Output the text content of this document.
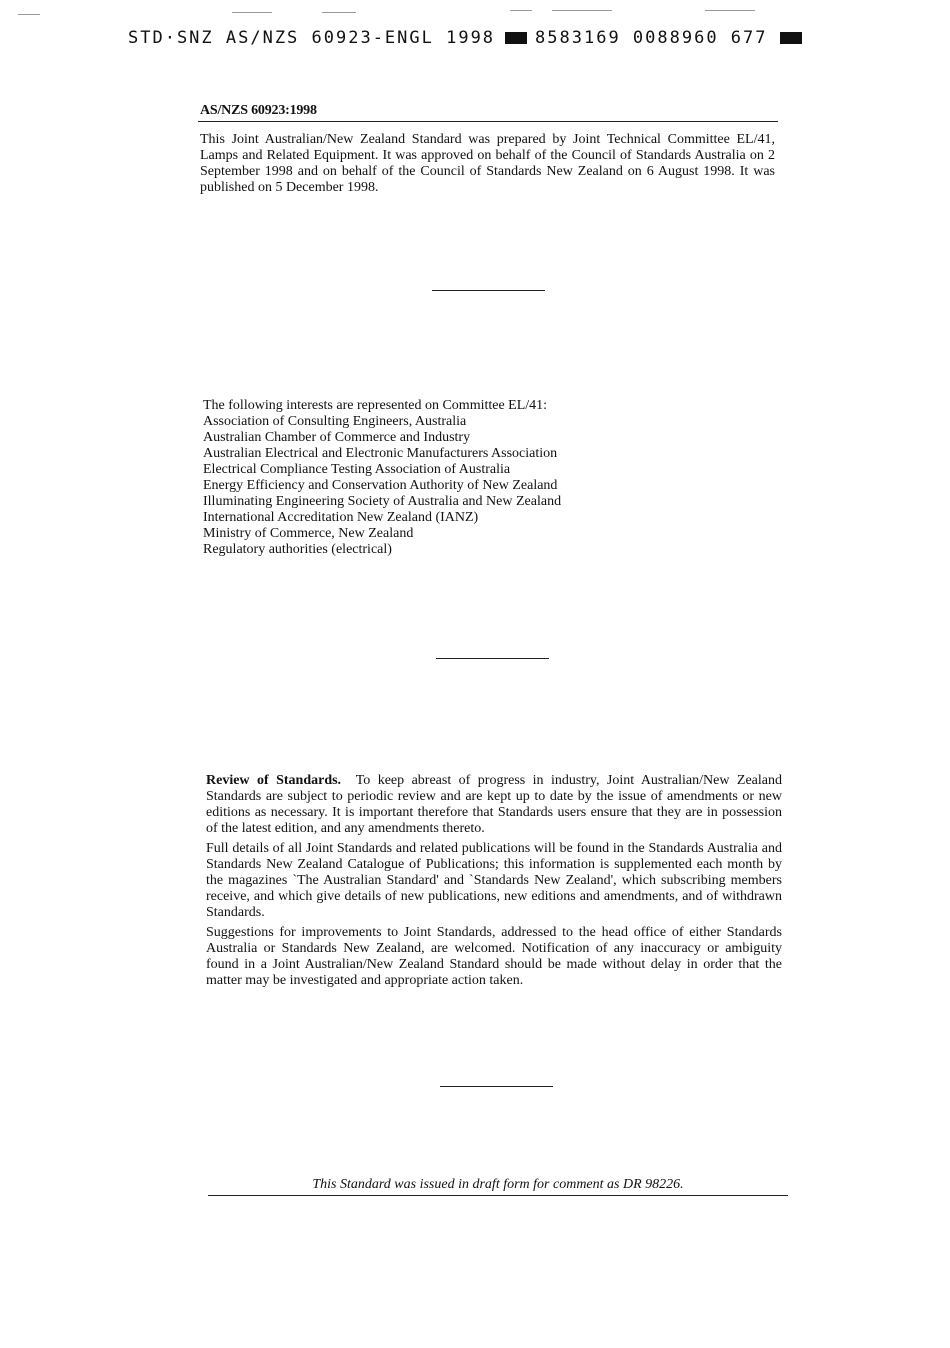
STD·SNZ AS/NZS 60923-ENGL 1998 8583169 0088960 677
AS/NZS 60923:1998

This Joint Australian/New Zealand Standard was prepared by Joint Technical Committee EL/41, Lamps and Related Equipment. It was approved on behalf of the Council of Standards Australia on 2 September 1998 and on behalf of the Council of Standards New Zealand on 6 August 1998. It was published on 5 December 1998.

The following interests are represented on Committee EL/41:

Association of Consulting Engineers, Australia
Australian Chamber of Commerce and Industry
Australian Electrical and Electronic Manufacturers Association
Electrical Compliance Testing Association of Australia
Energy Efficiency and Conservation Authority of New Zealand
Illuminating Engineering Society of Australia and New Zealand
International Accreditation New Zealand (IANZ)
Ministry of Commerce, New Zealand
Regulatory authorities (electrical)

Review of Standards. To keep abreast of progress in industry, Joint Australian/New Zealand Standards are subject to periodic review and are kept up to date by the issue of amendments or new editions as necessary. It is important therefore that Standards users ensure that they are in possession of the latest edition, and any amendments thereto.

Full details of all Joint Standards and related publications will be found in the Standards Australia and Standards New Zealand Catalogue of Publications; this information is supplemented each month by the magazines `The Australian Standard' and `Standards New Zealand', which subscribing members receive, and which give details of new publications, new editions and amendments, and of withdrawn Standards.

Suggestions for improvements to Joint Standards, addressed to the head office of either Standards Australia or Standards New Zealand, are welcomed. Notification of any inaccuracy or ambiguity found in a Joint Australian/New Zealand Standard should be made without delay in order that the matter may be investigated and appropriate action taken.

This Standard was issued in draft form for comment as DR 98226.
